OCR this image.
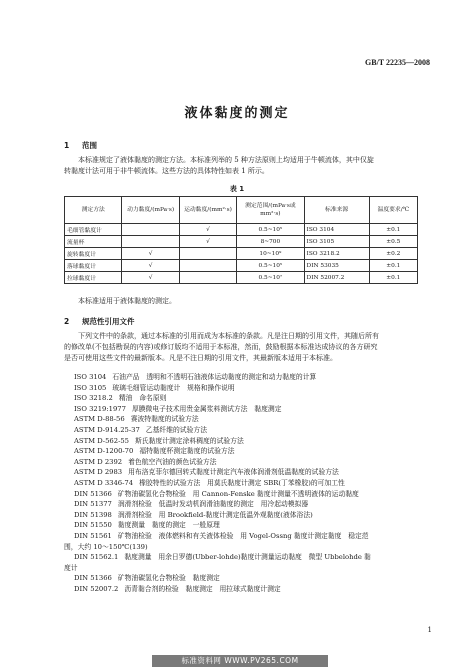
GB/T 22235—2008
液体黏度的测定
1 范围

本标准规定了液体黏度的测定方法。本标准列举的 5 种方法原则上均适用于牛顿流体，其中仅旋

转黏度计法可用于非牛顿流体。这些方法的具体特性如表 1 所示。

表 1
测定方法	动力黏度/(mPa·s)	运动黏度/(mm²·s)	测定范围/(mPa·s或 mm²·s)	标准来源	温度要求/℃
毛细管黏度计		√	0.5~10⁵	ISO 3104	±0.1
流量杯		√	8~700	ISO 3105	±0.5
旋转黏度计	√		10~10⁹	ISO 3218.2	±0.2
落球黏度计	√		0.5~10⁵	DIN 53035	±0.1
拉球黏度计	√		0.5~10⁷	DIN 52007.2	±0.1

本标准适用于液体黏度的测定。

2 规范性引用文件

下列文件中的条款，通过本标准的引用而成为本标准的条款。凡是注日期的引用文件，其随后所有

的修改单(不包括勘误的内容)或修订版均不适用于本标准，然而，鼓励根据本标准达成协议的各方研究

是否可使用这些文件的最新版本。凡是不注日期的引用文件，其最新版本适用于本标准。

ISO 3104 石油产品　透明和不透明石油液体运动黏度的测定和动力黏度的计算
ISO 3105 玻璃毛细管运动黏度计　规格和操作说明
ISO 3218.2 精油　命名原则
ISO 3219:1977 厚膜微电子技术用贵金属浆料测试方法　黏度测定
ASTM D-88-56 赛波特黏度的试验方法
ASTM D-914.25-37 乙基纤维的试验方法
ASTM D-562-55 斯氏黏度计测定涂料稠度的试验方法
ASTM D-1200-70 福特黏度杯测定黏度的试验方法
ASTM D 2392 着色航空汽油的颜色试验方法
ASTM D 2983 用布洛克菲尔德回转式黏度计测定汽车液体润滑剂低温黏度的试验方法
ASTM D 3346-74 橡胶特性的试验方法　用莫氏黏度计测定 SBR(丁苯橡胶)的可加工性
DIN 51366 矿物油碳氢化合物检验　用 Cannon-Fenske 黏度计测量不透明液体的运动黏度
DIN 51377 润滑剂检验　低温时发动机润滑油黏度的测定　用冷起动模拟器
DIN 51398 润滑剂检验　用 Brookfield-黏度计测定低温外观黏度(液体浴法)
DIN 51550 黏度测量　黏度的测定　一般原理
DIN 51561 矿物油检验　液体燃料和有关液体检验　用 Vogel-Ossng 黏度计测定黏度　稳定范
围，大约 10～150℃(139)
DIN 51562.1 黏度测量　用余日罗德(Ubber-lohde)黏度计测量运动黏度　微型 Ubbelohde 黏
度计
DIN 51366 矿物油碳氢化合物检验　黏度测定
DIN 52007.2 沥青黏合剂的检验　黏度测定　用拉球式黏度计测定
1
标准资料网 WWW.PV265.COM
